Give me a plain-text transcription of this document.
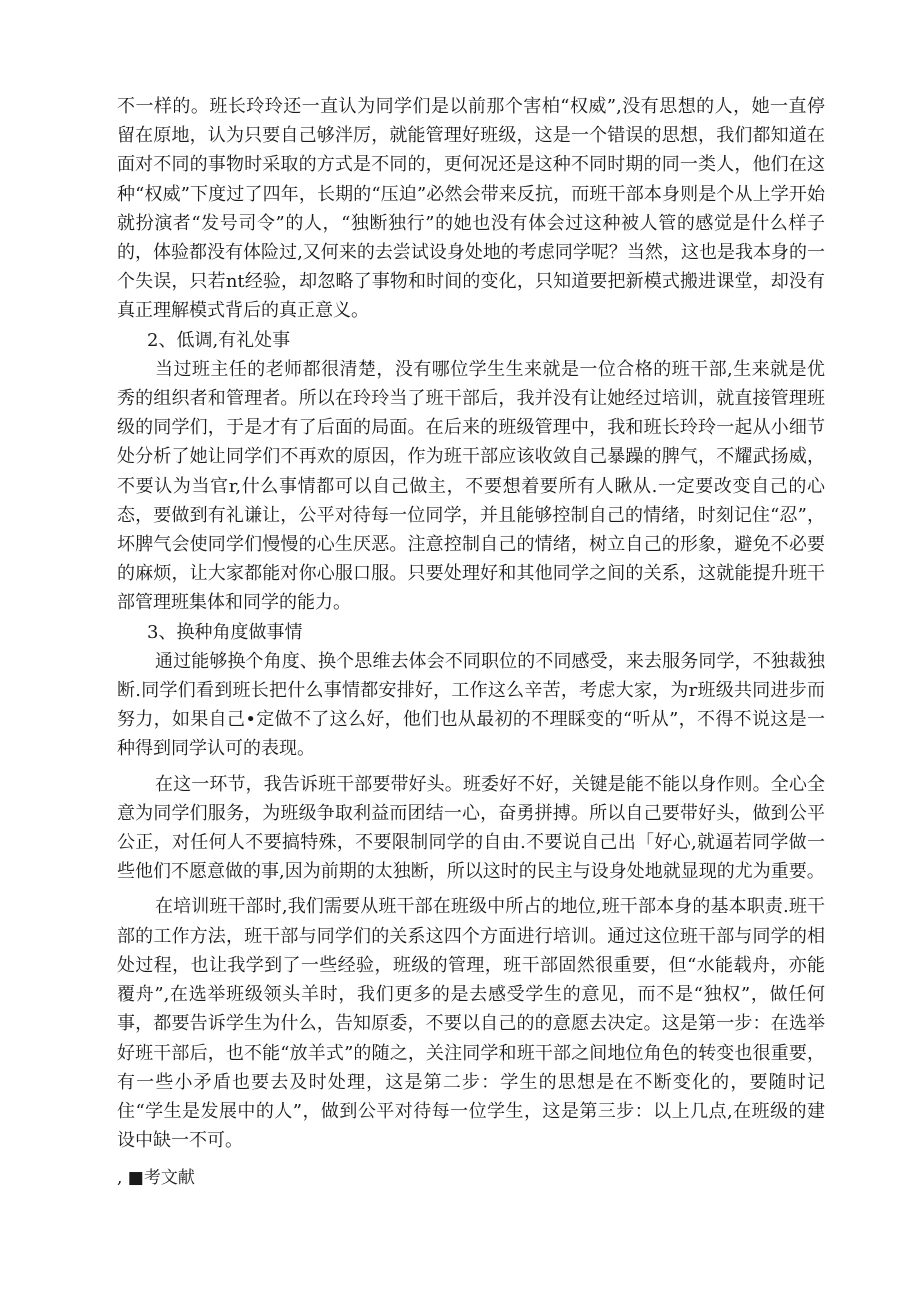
不一样的。班长玲玲还一直认为同学们是以前那个害柏“权威”,没有思想的人，她一直停留在原地，认为只要自己够泮厉，就能管理好班级，这是一个错误的思想，我们都知道在面对不同的事物时采取的方式是不同的，更何况还是这种不同时期的同一类人，他们在这种“权威”下度过了四年，长期的“压迫”必然会带来反抗，而班干部本身则是个从上学开始就扮演者“发号司令”的人，“独断独行”的她也没有体会过这种被人管的感觉是什么样子的，体验都没有体险过,又何来的去尝试设身处地的考虑同学呢？当然，这也是我本身的一个失误，只若nt经验，却忽略了事物和时间的变化，只知道要把新模式搬进课堂，却没有真正理解模式背后的真正意义。

2、低调,有礼处事

当过班主任的老师都很清楚，没有哪位学生生来就是一位合格的班干部,生来就是优秀的组织者和管理者。所以在玲玲当了班干部后，我并没有让她经过培训，就直接管理班级的同学们，于是才有了后面的局面。在后来的班级管理中，我和班长玲玲一起从小细节处分析了她让同学们不再欢的原因，作为班干部应该收敛自己暴躁的脾气，不耀武扬威，不要认为当官r,什么事情都可以自己做主，不要想着要所有人瞅从.一定要改变自己的心态，要做到有礼谦让，公平对待每一位同学，并且能够控制自己的情绪，时刻记住“忍”，坏脾气会使同学们慢慢的心生厌恶。注意控制自己的情绪，树立自己的形象，避免不必要的麻烦，让大家都能对你心服口服。只要处理好和其他同学之间的关系，这就能提升班干部管理班集体和同学的能力。

3、换种角度做事情

通过能够换个角度、换个思维去体会不同职位的不同感受，来去服务同学，不独裁独断.同学们看到班长把什么事情都安排好，工作这么辛苦，考虑大家，为r班级共同进步而努力，如果自己•定做不了这么好，他们也从最初的不理睬变的“听从”，不得不说这是一种得到同学认可的表现。

在这一环节，我告诉班干部要带好头。班委好不好，关键是能不能以身作则。全心全意为同学们服务，为班级争取利益而团结一心，奋勇拼搏。所以自己要带好头，做到公平公正，对任何人不要搞特殊，不要限制同学的自由.不要说自己出「好心,就逼若同学做一些他们不愿意做的事,因为前期的太独断，所以这时的民主与设身处地就显现的尤为重要。

在培训班干部时,我们需要从班干部在班级中所占的地位,班干部本身的基本职责.班干部的工作方法，班干部与同学们的关系这四个方面进行培训。通过这位班干部与同学的相处过程，也让我学到了一些经验，班级的管理，班干部固然很重要，但“水能载舟，亦能覆舟”,在选举班级领头羊时，我们更多的是去感受学生的意见，而不是“独权”，做任何事，都要告诉学生为什么，告知原委，不要以自己的的意愿去决定。这是第一步：在选举好班干部后，也不能“放羊式”的随之，关注同学和班干部之间地位角色的转变也很重要，有一些小矛盾也要去及时处理，这是第二步：学生的思想是在不断变化的，要随时记住“学生是发展中的人”，做到公平对待每一位学生，这是第三步：以上几点,在班级的建设中缺一不可。

, ■考文献
